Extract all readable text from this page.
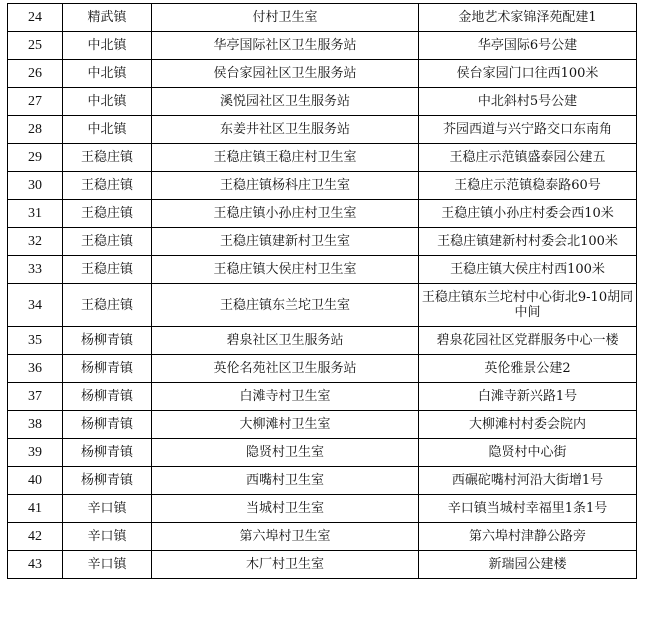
24	精武镇	付村卫生室	金地艺术家锦泽苑配建1
25	中北镇	华亭国际社区卫生服务站	华亭国际6号公建
26	中北镇	侯台家园社区卫生服务站	侯台家园门口往西100米
27	中北镇	溪悦园社区卫生服务站	中北斜村5号公建
28	中北镇	东姜井社区卫生服务站	芥园西道与兴宁路交口东南角
29	王稳庄镇	王稳庄镇王稳庄村卫生室	王稳庄示范镇盛泰园公建五
30	王稳庄镇	王稳庄镇杨科庄卫生室	王稳庄示范镇稳泰路60号
31	王稳庄镇	王稳庄镇小孙庄村卫生室	王稳庄镇小孙庄村委会西10米
32	王稳庄镇	王稳庄镇建新村卫生室	王稳庄镇建新村村委会北100米
33	王稳庄镇	王稳庄镇大侯庄村卫生室	王稳庄镇大侯庄村西100米
34	王稳庄镇	王稳庄镇东兰坨卫生室	王稳庄镇东兰坨村中心街北9-10胡同中间
35	杨柳青镇	碧泉社区卫生服务站	碧泉花园社区党群服务中心一楼
36	杨柳青镇	英伦名苑社区卫生服务站	英伦雅景公建2
37	杨柳青镇	白滩寺村卫生室	白滩寺新兴路1号
38	杨柳青镇	大柳滩村卫生室	大柳滩村村委会院内
39	杨柳青镇	隐贤村卫生室	隐贤村中心街
40	杨柳青镇	西嘴村卫生室	西碾砣嘴村河沿大街增1号
41	辛口镇	当城村卫生室	辛口镇当城村幸福里1条1号
42	辛口镇	第六埠村卫生室	第六埠村津静公路旁
43	辛口镇	木厂村卫生室	新瑞园公建楼
